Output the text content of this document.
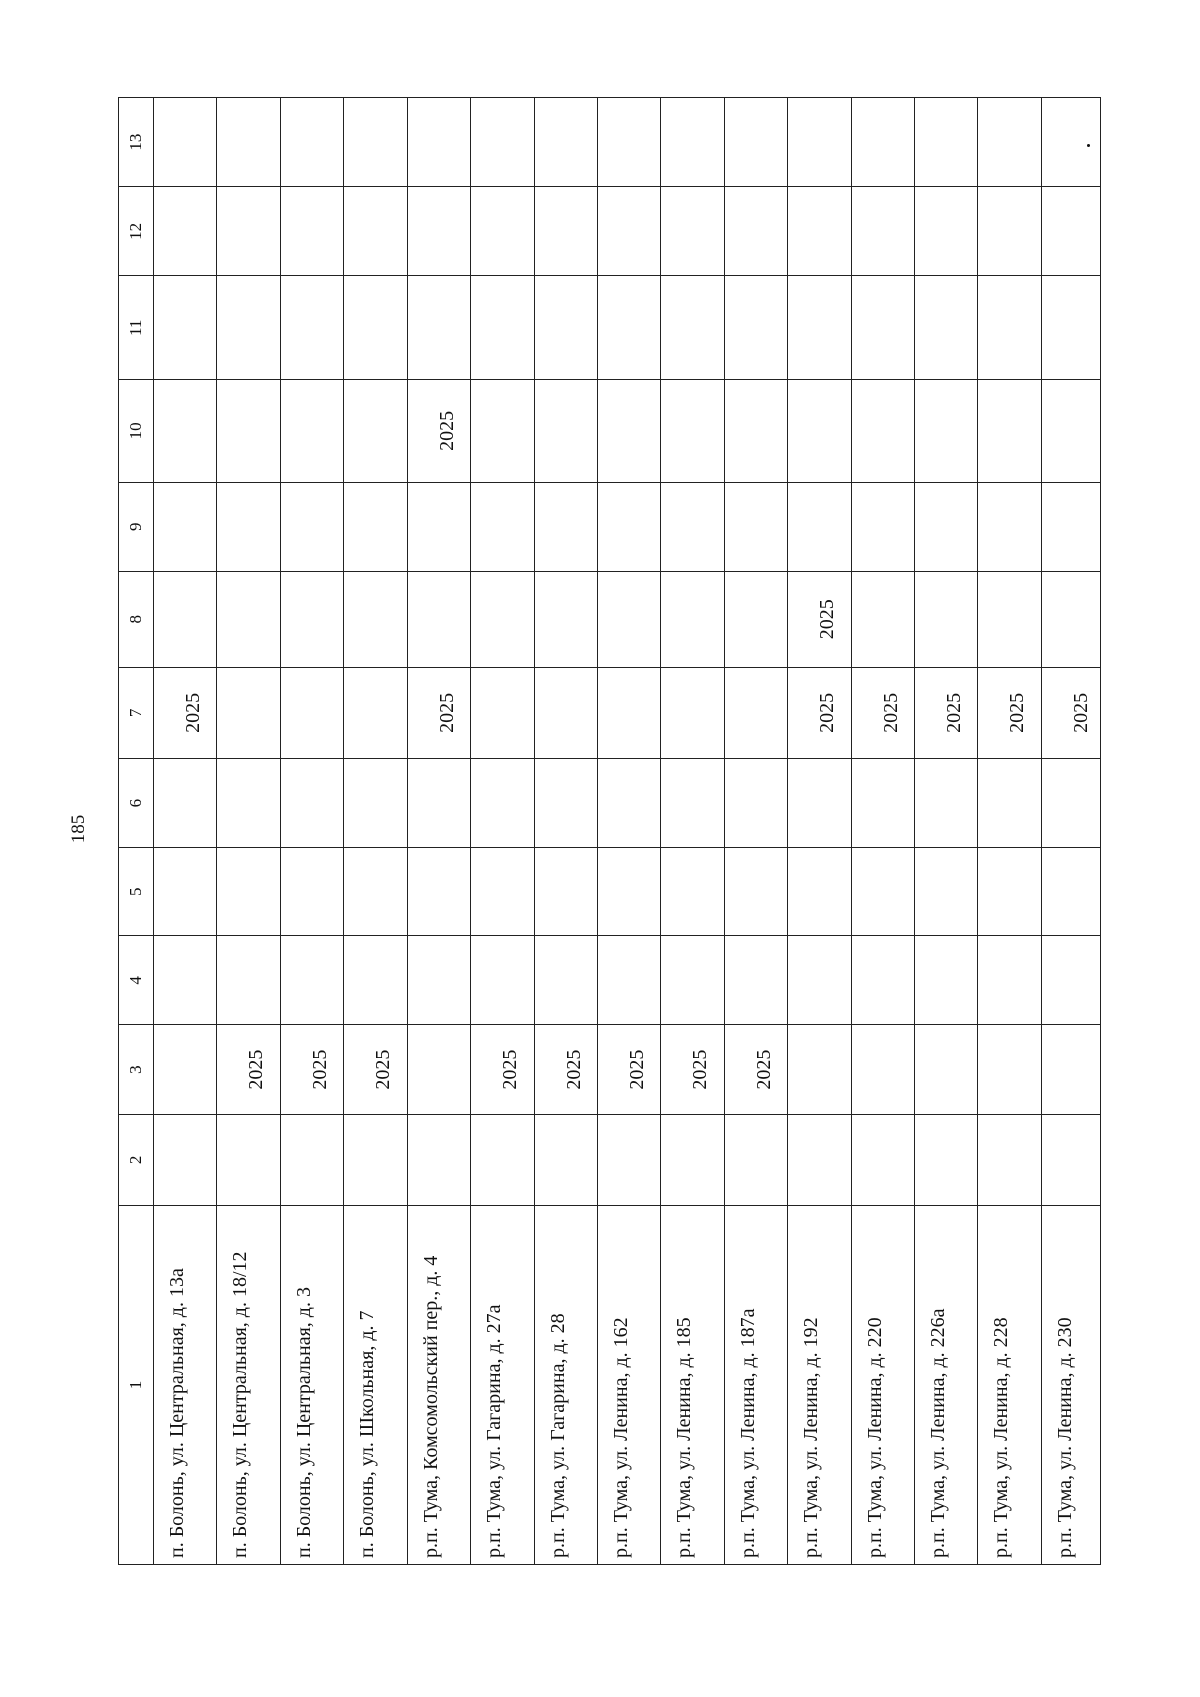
185
1	2	3	4	5	6	7	8	9	10	11	12	13
п. Болонь, ул. Центральная, д. 13а						2025						
п. Болонь, ул. Центральная, д. 18/12		2025										
п. Болонь, ул. Центральная, д. 3		2025										
п. Болонь, ул. Школьная, д. 7		2025										
р.п. Тума, Комсомольский пер., д. 4						2025			2025			
р.п. Тума, ул. Гагарина, д. 27а		2025										
р.п. Тума, ул. Гагарина, д. 28		2025										
р.п. Тума, ул. Ленина, д. 162		2025										
р.п. Тума, ул. Ленина, д. 185		2025										
р.п. Тума, ул. Ленина, д. 187а		2025										
р.п. Тума, ул. Ленина, д. 192						2025	2025					
р.п. Тума, ул. Ленина, д. 220						2025						
р.п. Тума, ул. Ленина, д. 226а						2025						
р.п. Тума, ул. Ленина, д. 228						2025						
р.п. Тума, ул. Ленина, д. 230						2025						
